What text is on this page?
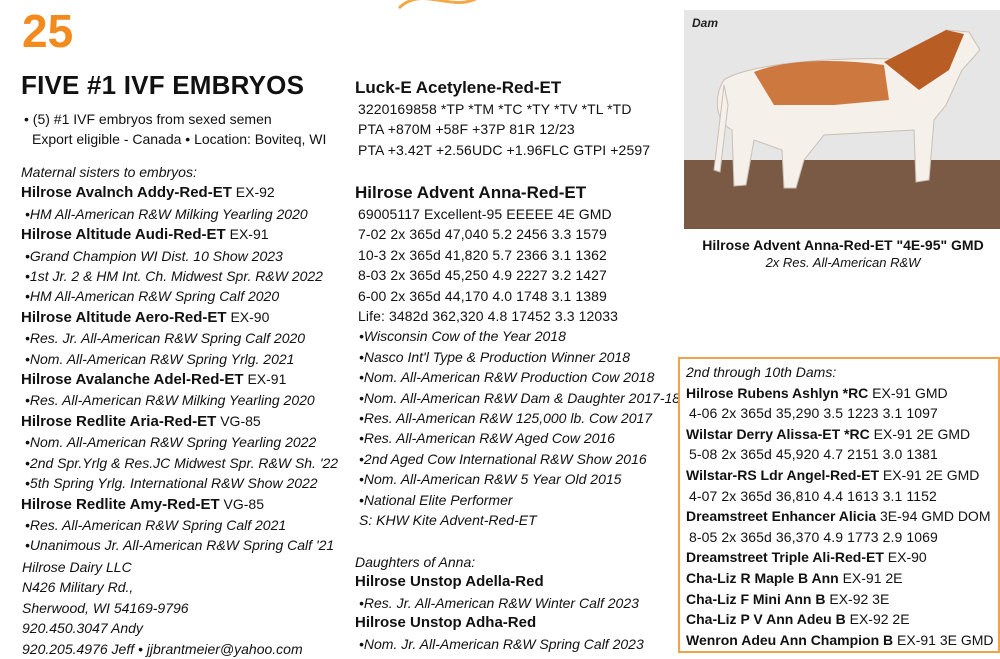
25
FIVE #1 IVF EMBRYOS
• (5) #1 IVF embryos from sexed semen
Export eligible - Canada • Location: Boviteq, WI
Maternal sisters to embryos:
Hilrose Avalnch Addy-Red-ET EX-92
•HM All-American R&W Milking Yearling 2020
Hilrose Altitude Audi-Red-ET EX-91
•Grand Champion WI Dist. 10 Show 2023
•1st Jr. 2 & HM Int. Ch. Midwest Spr. R&W 2022
•HM All-American R&W Spring Calf 2020
Hilrose Altitude Aero-Red-ET EX-90
•Res. Jr. All-American R&W Spring Calf 2020
•Nom. All-American R&W Spring Yrlg. 2021
Hilrose Avalanche Adel-Red-ET EX-91
•Res. All-American R&W Milking Yearling 2020
Hilrose Redlite Aria-Red-ET VG-85
•Nom. All-American R&W Spring Yearling 2022
•2nd Spr.Yrlg & Res.JC Midwest Spr. R&W Sh. '22
•5th Spring Yrlg. International R&W Show 2022
Hilrose Redlite Amy-Red-ET VG-85
•Res. All-American R&W Spring Calf 2021
•Unanimous Jr. All-American R&W Spring Calf '21
Hilrose Dairy LLC
N426 Military Rd.,
Sherwood, WI 54169-9796
920.450.3047 Andy
920.205.4976 Jeff • jjbrantmeier@yahoo.com
Luck-E Acetylene-Red-ET
3220169858 *TP *TM *TC *TY *TV *TL *TD
PTA +870M +58F +37P 81R 12/23
PTA +3.42T +2.56UDC +1.96FLC GTPI +2597
Hilrose Advent Anna-Red-ET
69005117 Excellent-95 EEEEE 4E GMD
7-02 2x 365d 47,040 5.2 2456 3.3 1579
10-3 2x 365d 41,820 5.7 2366 3.1 1362
8-03 2x 365d 45,250 4.9 2227 3.2 1427
6-00 2x 365d 44,170 4.0 1748 3.1 1389
Life: 3482d 362,320 4.8 17452 3.3 12033
•Wisconsin Cow of the Year 2018
•Nasco Int'l Type & Production Winner 2018
•Nom. All-American R&W Production Cow 2018
•Nom. All-American R&W Dam & Daughter 2017-18
•Res. All-American R&W 125,000 lb. Cow 2017
•Res. All-American R&W Aged Cow 2016
•2nd Aged Cow International R&W Show 2016
•Nom. All-American R&W 5 Year Old 2015
•National Elite Performer
S: KHW Kite Advent-Red-ET
Daughters of Anna:
Hilrose Unstop Adella-Red
•Res. Jr. All-American R&W Winter Calf 2023
Hilrose Unstop Adha-Red
•Nom. Jr. All-American R&W Spring Calf 2023
Dam
Hilrose Advent Anna-Red-ET "4E-95" GMD
2x Res. All-American R&W
2nd through 10th Dams:
Hilrose Rubens Ashlyn *RC EX-91 GMD
4-06 2x 365d 35,290 3.5 1223 3.1 1097
Wilstar Derry Alissa-ET *RC EX-91 2E GMD
5-08 2x 365d 45,920 4.7 2151 3.0 1381
Wilstar-RS Ldr Angel-Red-ET EX-91 2E GMD
4-07 2x 365d 36,810 4.4 1613 3.1 1152
Dreamstreet Enhancer Alicia 3E-94 GMD DOM
8-05 2x 365d 36,370 4.9 1773 2.9 1069
Dreamstreet Triple Ali-Red-ET EX-90
Cha-Liz R Maple B Ann EX-91 2E
Cha-Liz F Mini Ann B EX-92 3E
Cha-Liz P V Ann Adeu B EX-92 2E
Wenron Adeu Ann Champion B EX-91 3E GMD
